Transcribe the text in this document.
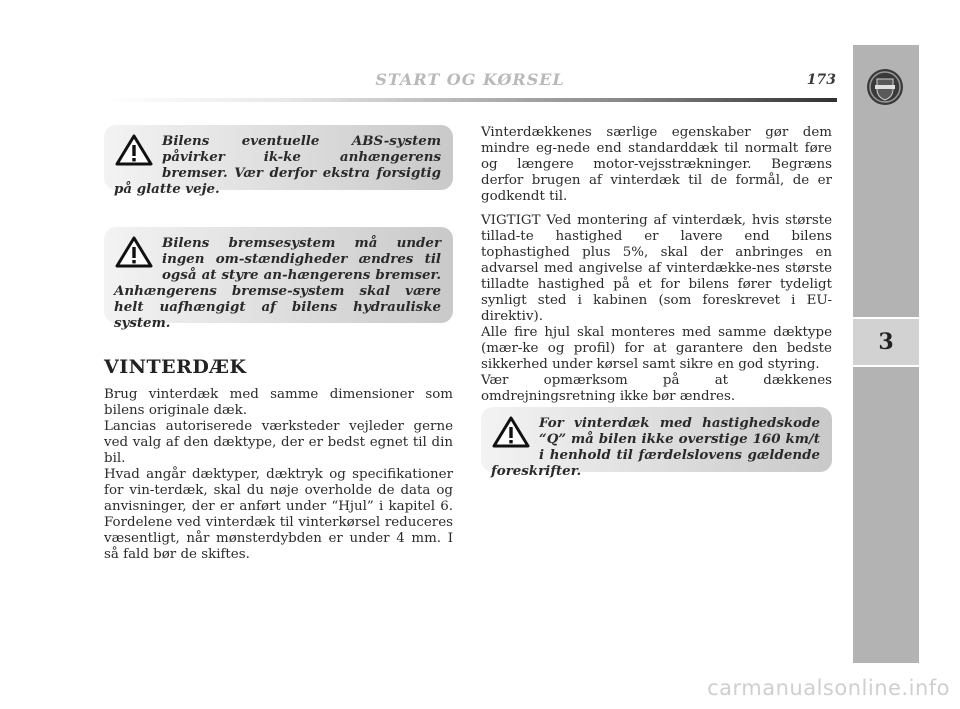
START OG KØRSEL	173
3

Bilens eventuelle ABS-system påvirker ik-ke anhængerens bremser. Vær derfor ekstra forsigtig på glatte veje.

Bilens bremsesystem må under ingen om-stændigheder ændres til også at styre an-hængerens bremser. Anhængerens bremse-system skal være helt uafhængigt af bilens hydrauliske system.

VINTERDÆK

Brug vinterdæk med samme dimensioner som bilens originale dæk.

Lancias autoriserede værksteder vejleder gerne ved valg af den dæktype, der er bedst egnet til din bil.

Hvad angår dæktyper, dæktryk og specifikationer for vin-terdæk, skal du nøje overholde de data og anvisninger, der er anført under “Hjul” i kapitel 6. Fordelene ved vinterdæk til vinterkørsel reduceres væsentligt, når mønsterdybden er under 4 mm. I så fald bør de skiftes.

Vinterdækkenes særlige egenskaber gør dem mindre eg-nede end standarddæk til normalt føre og længere motor-vejsstrækninger. Begræns derfor brugen af vinterdæk til de formål, de er godkendt til.

VIGTIGT Ved montering af vinterdæk, hvis største tillad-te hastighed er lavere end bilens tophastighed plus 5%, skal der anbringes en advarsel med angivelse af vinterdække-nes største tilladte hastighed på et for bilens fører tydeligt synligt sted i kabinen (som foreskrevet i EU-direktiv).

Alle fire hjul skal monteres med samme dæktype (mær-ke og profil) for at garantere den bedste sikkerhed under kørsel samt sikre en god styring.

Vær opmærksom på at dækkenes omdrejningsretning ikke bør ændres.

For vinterdæk med hastighedskode “Q” må bilen ikke overstige 160 km/t i henhold til færdelslovens gældende foreskrifter.

carmanualsonline.info
